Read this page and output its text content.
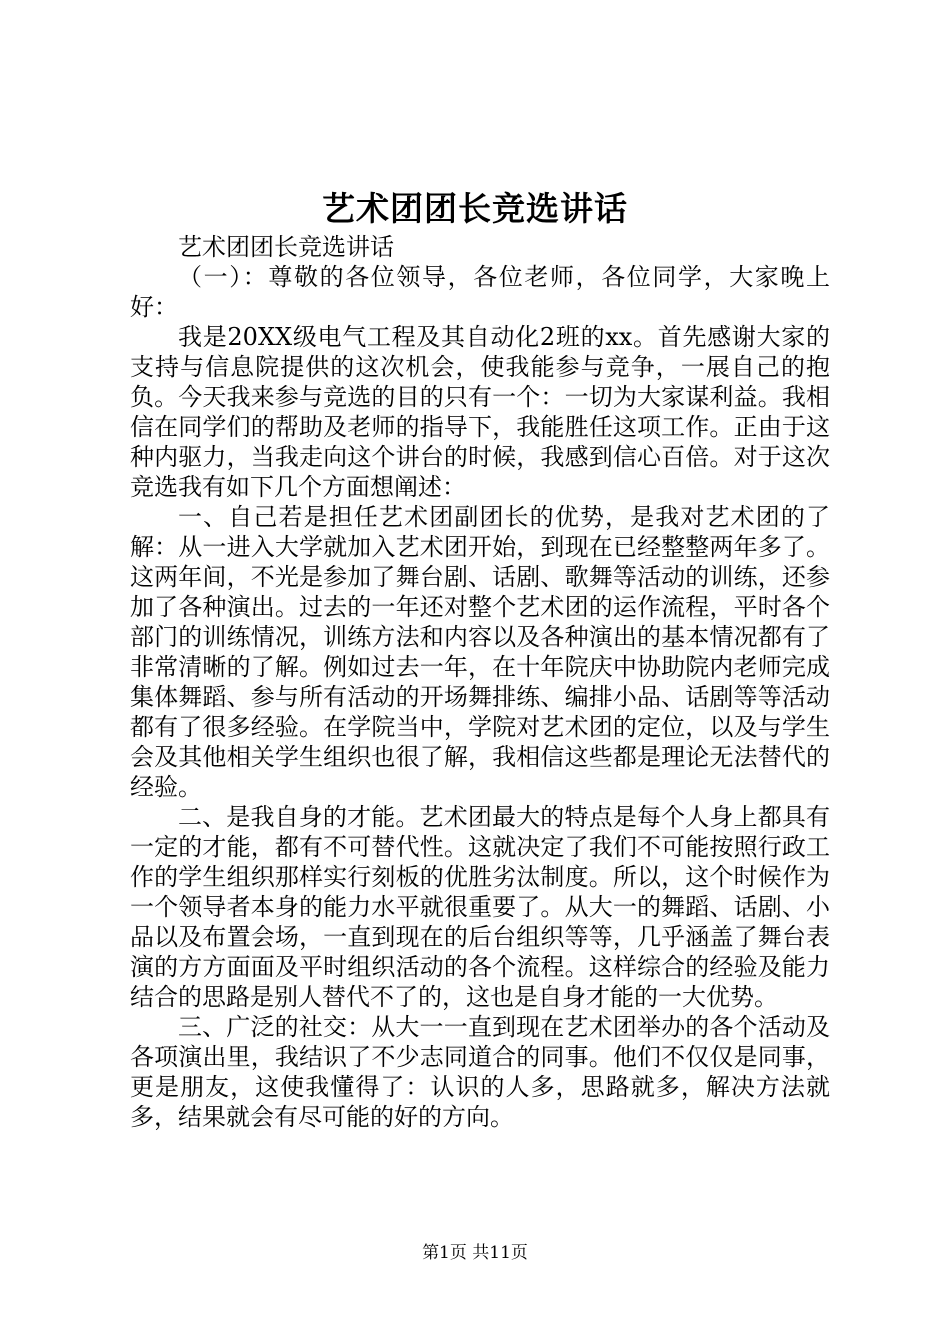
艺术团团长竞选讲话

艺术团团长竞选讲话

（一）：尊敬的各位领导，各位老师，各位同学，大家晚上好：

我是20XX级电气工程及其自动化2班的xx。首先感谢大家的支持与信息院提供的这次机会，使我能参与竞争，一展自己的抱负。今天我来参与竞选的目的只有一个：一切为大家谋利益。我相信在同学们的帮助及老师的指导下，我能胜任这项工作。正由于这种内驱力，当我走向这个讲台的时候，我感到信心百倍。对于这次竞选我有如下几个方面想阐述：

一、自己若是担任艺术团副团长的优势，是我对艺术团的了解：从一进入大学就加入艺术团开始，到现在已经整整两年多了。这两年间，不光是参加了舞台剧、话剧、歌舞等活动的训练，还参加了各种演出。过去的一年还对整个艺术团的运作流程，平时各个部门的训练情况，训练方法和内容以及各种演出的基本情况都有了非常清晰的了解。例如过去一年，在十年院庆中协助院内老师完成集体舞蹈、参与所有活动的开场舞排练、编排小品、话剧等等活动都有了很多经验。在学院当中，学院对艺术团的定位，以及与学生会及其他相关学生组织也很了解，我相信这些都是理论无法替代的经验。

二、是我自身的才能。艺术团最大的特点是每个人身上都具有一定的才能，都有不可替代性。这就决定了我们不可能按照行政工作的学生组织那样实行刻板的优胜劣汰制度。所以，这个时候作为一个领导者本身的能力水平就很重要了。从大一的舞蹈、话剧、小品以及布置会场，一直到现在的后台组织等等，几乎涵盖了舞台表演的方方面面及平时组织活动的各个流程。这样综合的经验及能力结合的思路是别人替代不了的，这也是自身才能的一大优势。

三、广泛的社交：从大一一直到现在艺术团举办的各个活动及各项演出里，我结识了不少志同道合的同事。他们不仅仅是同事，更是朋友，这使我懂得了：认识的人多，思路就多，解决方法就多，结果就会有尽可能的好的方向。

第1页 共11页
